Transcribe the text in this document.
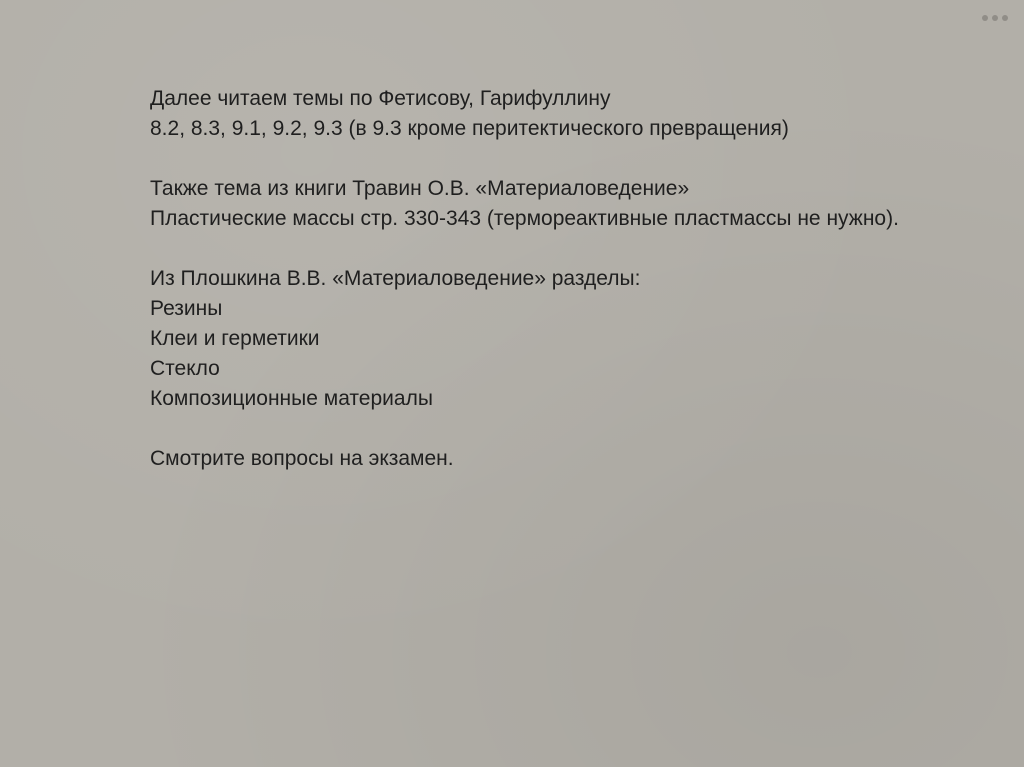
Далее читаем темы по Фетисову, Гарифуллину
8.2, 8.3, 9.1, 9.2, 9.3 (в 9.3 кроме перитектического превращения)
Также тема из книги Травин О.В. «Материаловедение»
Пластические массы стр. 330-343 (термореактивные пластмассы не нужно).
Из Плошкина В.В. «Материаловедение» разделы:
Резины
Клеи и герметики
Стекло
Композиционные материалы
Смотрите вопросы на экзамен.
